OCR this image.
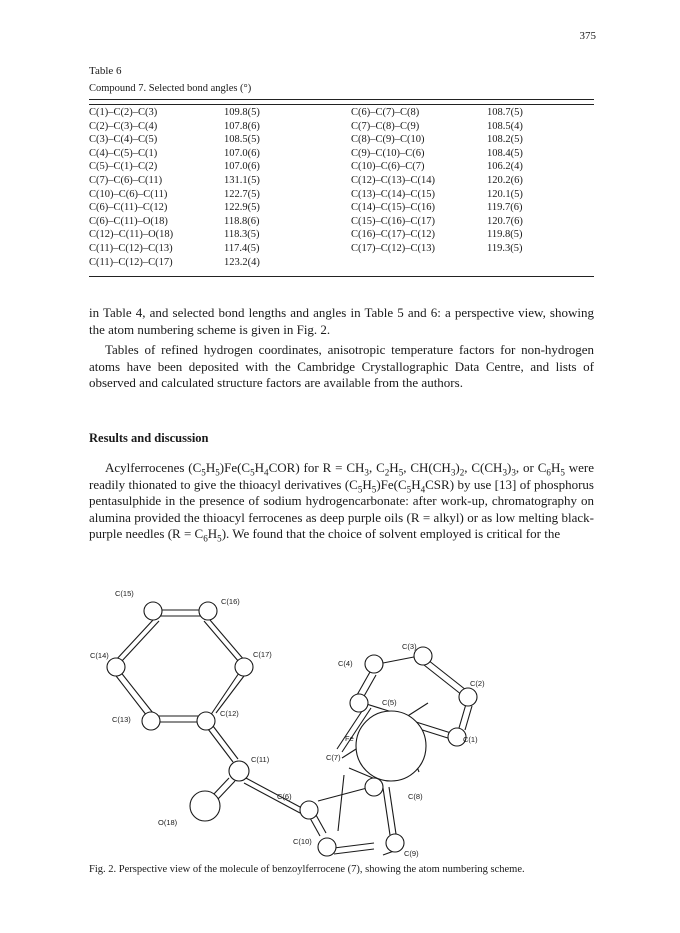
375
Table 6
Compound 7. Selected bond angles (°)
C(1)–C(2)–C(3)	109.8(5)	C(6)–C(7)–C(8)	108.7(5)
C(2)–C(3)–C(4)	107.8(6)	C(7)–C(8)–C(9)	108.5(4)
C(3)–C(4)–C(5)	108.5(5)	C(8)–C(9)–C(10)	108.2(5)
C(4)–C(5)–C(1)	107.0(6)	C(9)–C(10)–C(6)	108.4(5)
C(5)–C(1)–C(2)	107.0(6)	C(10)–C(6)–C(7)	106.2(4)
C(7)–C(6)–C(11)	131.1(5)	C(12)–C(13)–C(14)	120.2(6)
C(10)–C(6)–C(11)	122.7(5)	C(13)–C(14)–C(15)	120.1(5)
C(6)–C(11)–C(12)	122.9(5)	C(14)–C(15)–C(16)	119.7(6)
C(6)–C(11)–O(18)	118.8(6)	C(15)–C(16)–C(17)	120.7(6)
C(12)–C(11)–O(18)	118.3(5)	C(16)–C(17)–C(12)	119.8(5)
C(11)–C(12)–C(13)	117.4(5)	C(17)–C(12)–C(13)	119.3(5)
C(11)–C(12)–C(17)	123.2(4)

in Table 4, and selected bond lengths and angles in Table 5 and 6: a perspective view, showing the atom numbering scheme is given in Fig. 2.

Tables of refined hydrogen coordinates, anisotropic temperature factors for non-hydrogen atoms have been deposited with the Cambridge Crystallographic Data Centre, and lists of observed and calculated structure factors are available from the authors.

Results and discussion

Acylferrocenes $(C_5H_5)Fe(C_5H_4COR)$ for $R = CH_3$, $C_2H_5$, $CH(CH_3)_2$, $C(CH_3)_3$, or $C_6H_5$ were readily thionated to give the thioacyl derivatives $(C_5H_5)Fe(C_5H_4CSR)$ by use [13] of phosphorus pentasulphide in the presence of sodium hydrogencarbonate: after work-up, chromatography on alumina provided the thioacyl ferrocenes as deep purple oils (R = alkyl) or as low melting black-purple needles $(R = C_6H_5)$. We found that the choice of solvent employed is critical for the

C(15)
C(16)
C(14)	C(17)
C(13)
C(12)
C(11)
O(18)
C(6)
C(7)
C(10)
C(8)
C(9)
Fe
C(4)
C(3)
C(2)
C(5)
C(1)
Fig. 2. Perspective view of the molecule of benzoylferrocene (7), showing the atom numbering scheme.
